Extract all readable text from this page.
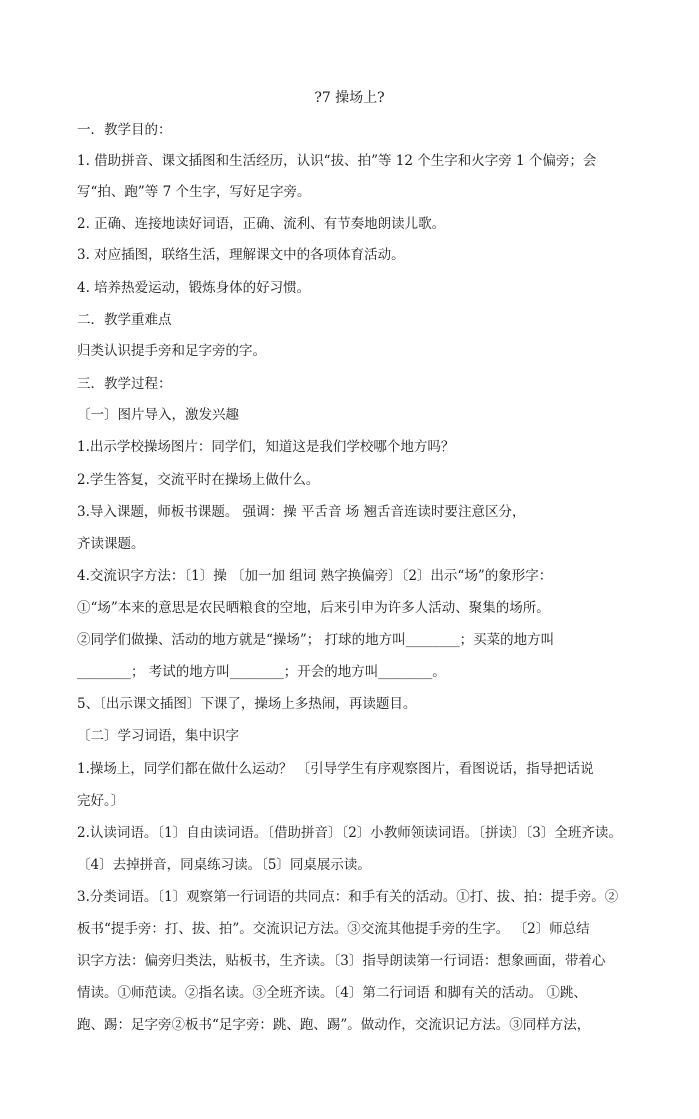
?7 操场上?
一．教学目的：
1. 借助拼音、课文插图和生活经历，认识“拔、拍”等 12 个生字和火字旁 1 个偏旁；会
写“拍、跑”等 7 个生字，写好足字旁。
2. 正确、连接地读好词语，正确、流利、有节奏地朗读儿歌。
3. 对应插图，联络生活，理解课文中的各项体育活动。
4. 培养热爱运动，锻炼身体的好习惯。
二．教学重难点
归类认识提手旁和足字旁的字。
三．教学过程：
〔一〕图片导入，激发兴趣
1.出示学校操场图片：同学们，知道这是我们学校哪个地方吗？
2.学生答复，交流平时在操场上做什么。
3.导入课题，师板书课题。 强调：操 平舌音 场 翘舌音连读时要注意区分，
齐读课题。
4.交流识字方法：〔1〕操 〔加一加 组词 熟字换偏旁〕〔2〕出示“场”的象形字：
①“场”本来的意思是农民晒粮食的空地，后来引申为许多人活动、聚集的场所。
②同学们做操、活动的地方就是“操场”； 打球的地方叫________；买菜的地方叫
________； 考试的地方叫________；开会的地方叫________。
5、〔出示课文插图〕下课了，操场上多热闹，再读题目。
〔二〕学习词语，集中识字
1.操场上，同学们都在做什么运动？ 〔引导学生有序观察图片，看图说话，指导把话说
完好。〕
2.认读词语。〔1〕自由读词语。〔借助拼音〕〔2〕小教师领读词语。〔拼读〕〔3〕全班齐读。
〔4〕去掉拼音，同桌练习读。〔5〕同桌展示读。
3.分类词语。〔1〕观察第一行词语的共同点：和手有关的活动。①打、拔、拍：提手旁。②
板书“提手旁：打、拔、拍”。交流识记方法。③交流其他提手旁的生字。 〔2〕师总结
识字方法：偏旁归类法，贴板书，生齐读。〔3〕指导朗读第一行词语：想象画面，带着心
情读。①师范读。②指名读。③全班齐读。〔4〕第二行词语 和脚有关的活动。 ①跳、
跑、踢：足字旁②板书“足字旁：跳、跑、踢”。做动作，交流识记方法。③同样方法，
